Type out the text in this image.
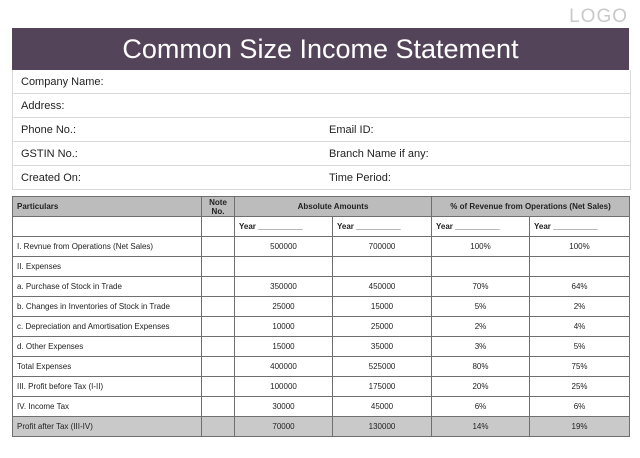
LOGO
Common Size Income Statement
Company Name:
Address:
Phone No.:	Email ID:
GSTIN No.:	Branch Name if any:
Created On:	Time Period:
Particulars	Note No.	Absolute Amounts		% of Revenue from Operations (Net Sales)	
		Year __________	Year __________	Year __________	Year __________
I. Revnue from Operations (Net Sales)		500000	700000	100%	100%
II. Expenses					
a. Purchase of Stock in Trade		350000	450000	70%	64%
b. Changes in Inventories of Stock in Trade		25000	15000	5%	2%
c. Depreciation and Amortisation Expenses		10000	25000	2%	4%
d. Other Expenses		15000	35000	3%	5%
Total Expenses		400000	525000	80%	75%
III. Profit before Tax (I-II)		100000	175000	20%	25%
IV. Income Tax		30000	45000	6%	6%
Profit after Tax (III-IV)		70000	130000	14%	19%
